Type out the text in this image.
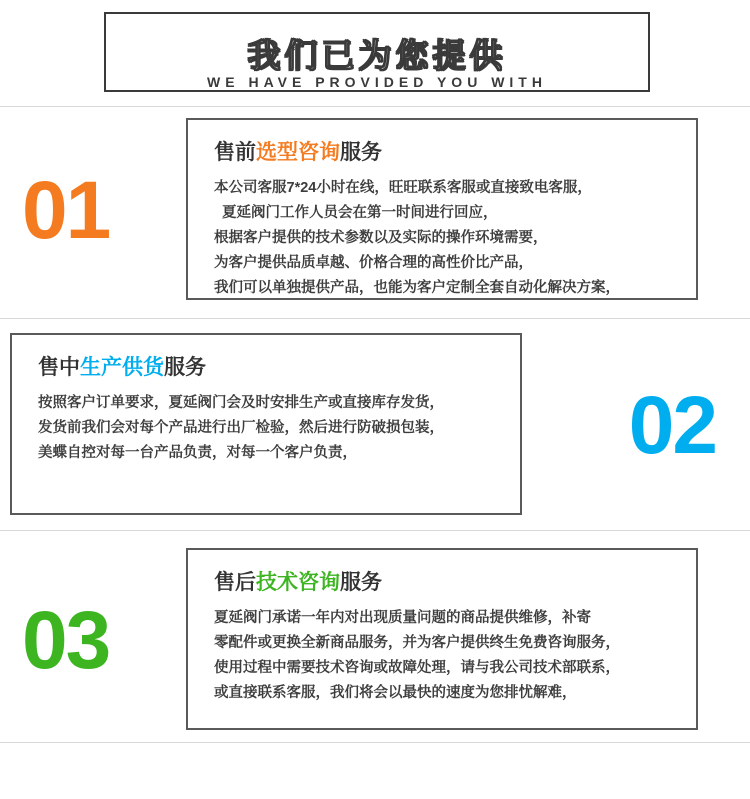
我们已为您提供
WE HAVE PROVIDED YOU WITH
01
售前选型咨询服务
本公司客服7*24小时在线，旺旺联系客服或直接致电客服，
夏延阀门工作人员会在第一时间进行回应，
根据客户提供的技术参数以及实际的操作环境需要，
为客户提供品质卓越、价格合理的高性价比产品，
我们可以单独提供产品，也能为客户定制全套自动化解决方案，
02
售中生产供货服务
按照客户订单要求，夏延阀门会及时安排生产或直接库存发货，
发货前我们会对每个产品进行出厂检验，然后进行防破损包装，
美蝶自控对每一台产品负责，对每一个客户负责，
03
售后技术咨询服务
夏延阀门承诺一年内对出现质量问题的商品提供维修，补寄
零配件或更换全新商品服务，并为客户提供终生免费咨询服务，
使用过程中需要技术咨询或故障处理，请与我公司技术部联系，
或直接联系客服，我们将会以最快的速度为您排忧解难，
